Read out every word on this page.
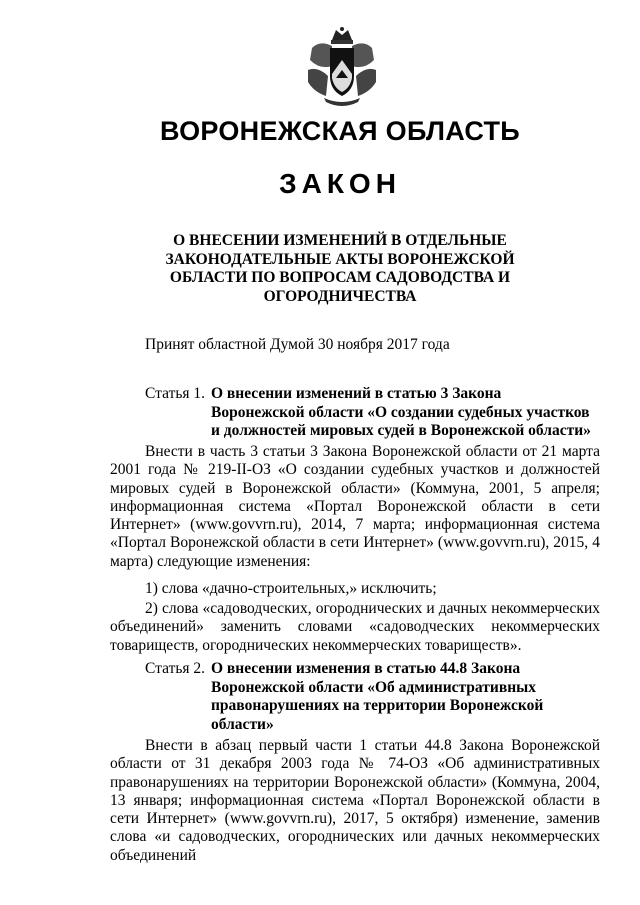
ВОРОНЕЖСКАЯ ОБЛАСТЬ
ЗАКОН
О ВНЕСЕНИИ ИЗМЕНЕНИЙ В ОТДЕЛЬНЫЕ ЗАКОНОДАТЕЛЬНЫЕ АКТЫ ВОРОНЕЖСКОЙ ОБЛАСТИ ПО ВОПРОСАМ САДОВОДСТВА И ОГОРОДНИЧЕСТВА
Принят областной Думой 30 ноября 2017 года
Статья 1. О внесении изменений в статью 3 Закона Воронежской области «О создании судебных участков и должностей мировых судей в Воронежской области»
Внести в часть 3 статьи 3 Закона Воронежской области от 21 марта 2001 года № 219-II-ОЗ «О создании судебных участков и должностей мировых судей в Воронежской области» (Коммуна, 2001, 5 апреля; информационная система «Портал Воронежской области в сети Интернет» (www.govvrn.ru), 2014, 7 марта; информационная система «Портал Воронежской области в сети Интернет» (www.govvrn.ru), 2015, 4 марта) следующие изменения:
1) слова «дачно-строительных,» исключить;
2) слова «садоводческих, огороднических и дачных некоммерческих объединений» заменить словами «садоводческих некоммерческих товариществ, огороднических некоммерческих товариществ».
Статья 2. О внесении изменения в статью 44.8 Закона Воронежской области «Об административных правонарушениях на территории Воронежской области»
Внести в абзац первый части 1 статьи 44.8 Закона Воронежской области от 31 декабря 2003 года № 74-ОЗ «Об административных правонарушениях на территории Воронежской области» (Коммуна, 2004, 13 января; информационная система «Портал Воронежской области в сети Интернет» (www.govvrn.ru), 2017, 5 октября) изменение, заменив слова «и садоводческих, огороднических или дачных некоммерческих объединений
